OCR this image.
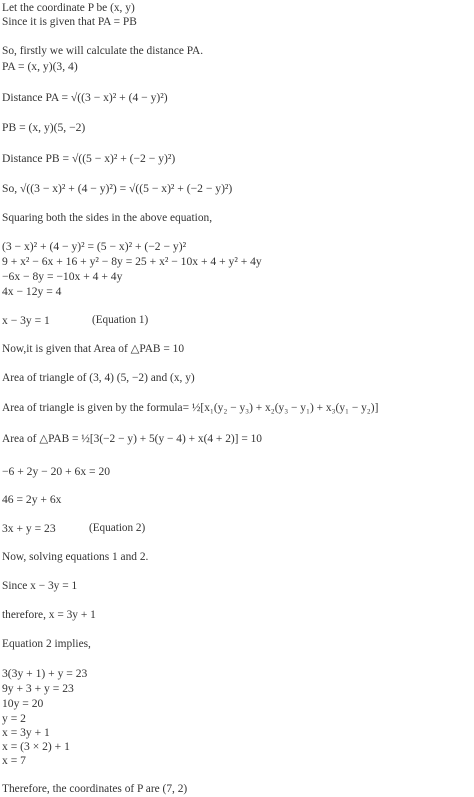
Let the coordinate P be (x, y)
Since it is given that PA = PB
So, firstly we will calculate the distance PA.
PA = (x, y)(3, 4)
Distance PA = √((3 − x)² + (4 − y)²)
PB = (x, y)(5, −2)
Distance PB = √((5 − x)² + (−2 − y)²)
So, √((3 − x)² + (4 − y)²) = √((5 − x)² + (−2 − y)²)
Squaring both the sides in the above equation,
(3 − x)² + (4 − y)² = (5 − x)² + (−2 − y)²
9 + x² − 6x + 16 + y² − 8y = 25 + x² − 10x + 4 + y² + 4y
−6x − 8y = −10x + 4 + 4y
4x − 12y = 4
x − 3y = 1	(Equation 1)
Now,it is given that Area of △PAB = 10
Area of triangle of (3, 4) (5, −2) and (x, y)
Area of triangle is given by the formula= ½[x₁(y₂ − y₃) + x₂(y₃ − y₁) + x₃(y₁ − y₂)]
Area of △PAB = ½[3(−2 − y) + 5(y − 4) + x(4 + 2)] = 10
−6 + 2y − 20 + 6x = 20
46 = 2y + 6x
3x + y = 23	(Equation 2)
Now, solving equations 1 and 2.
Since x − 3y = 1
therefore, x = 3y + 1
Equation 2 implies,
3(3y + 1) + y = 23
9y + 3 + y = 23
10y = 20
y = 2
x = 3y + 1
x = (3 × 2) + 1
x = 7
Therefore, the coordinates of P are (7, 2)
